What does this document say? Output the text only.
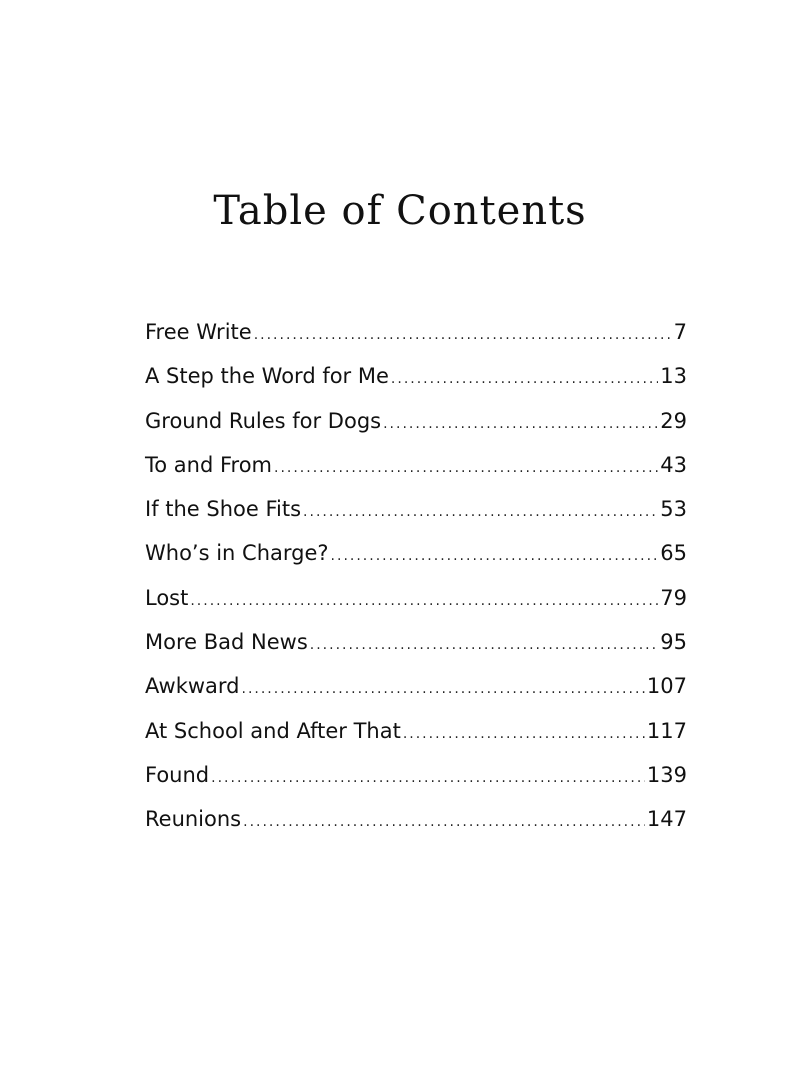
Table of Contents
Free Write .....	7
A Step the Word for Me .....	13
Ground Rules for Dogs .....	29
To and From .....	43
If the Shoe Fits .....	53
Who’s in Charge? .....	65
Lost .....	79
More Bad News .....	95
Awkward .....	107
At School and After That .....	117
Found .....	139
Reunions .....	147
